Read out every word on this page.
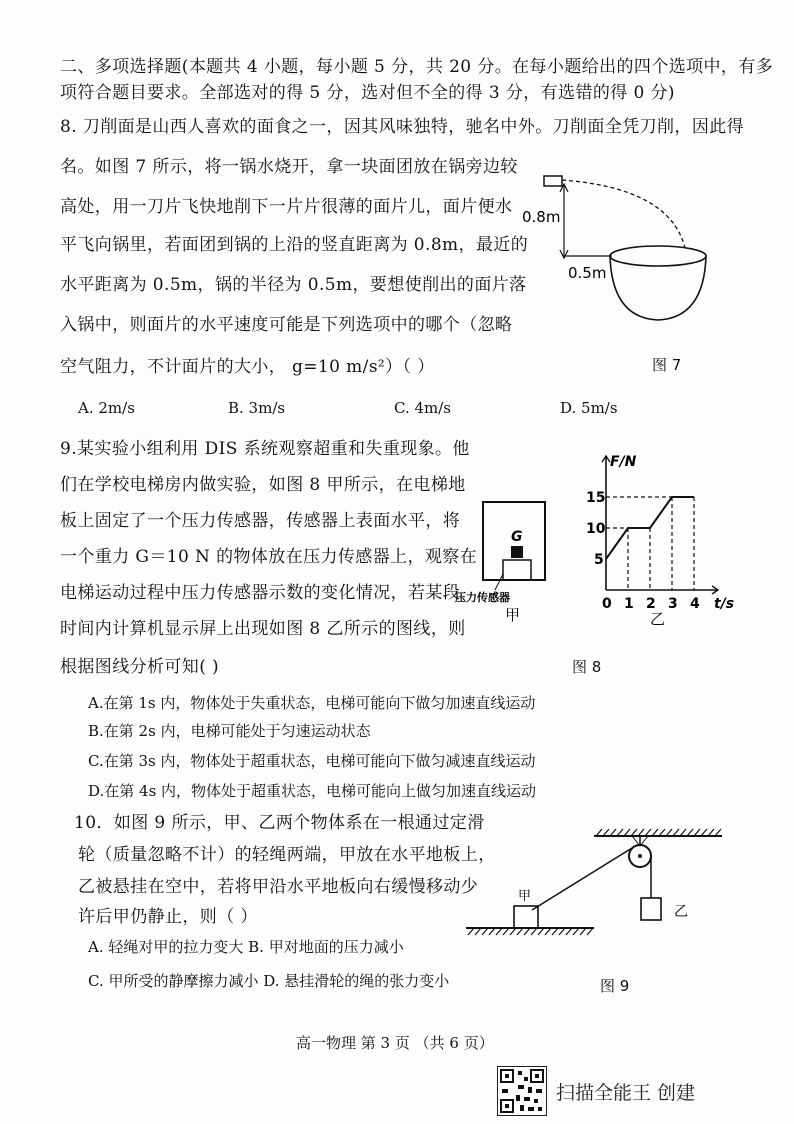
二、多项选择题(本题共 4 小题，每小题 5 分，共 20 分。在每小题给出的四个选项中，有多
项符合题目要求。全部选对的得 5 分，选对但不全的得 3 分，有选错的得 0 分)
8. 刀削面是山西人喜欢的面食之一，因其风味独特，驰名中外。刀削面全凭刀削，因此得
名。如图 7 所示，将一锅水烧开，拿一块面团放在锅旁边较
高处，用一刀片飞快地削下一片片很薄的面片儿，面片便水
平飞向锅里，若面团到锅的上沿的竖直距离为 0.8m，最近的
水平距离为 0.5m，锅的半径为 0.5m，要想使削出的面片落
入锅中，则面片的水平速度可能是下列选项中的哪个（忽略
空气阻力，不计面片的大小， g=10 m/s²）（ ）
0.8m
0.5m
图 7
A. 2m/s	B. 3m/s	C. 4m/s	D. 5m/s
9.某实验小组利用 DIS 系统观察超重和失重现象。他
们在学校电梯房内做实验，如图 8 甲所示，在电梯地
板上固定了一个压力传感器，传感器上表面水平，将
一个重力 G＝10 N 的物体放在压力传感器上，观察在
电梯运动过程中压力传感器示数的变化情况，若某段
时间内计算机显示屏上出现如图 8 乙所示的图线，则
根据图线分析可知( )
G
压力传感器
甲
F/N
t/s
0 1 2 3 4
5
10
15
乙
图 8
A.在第 1s 内，物体处于失重状态，电梯可能向下做匀加速直线运动
B.在第 2s 内，电梯可能处于匀速运动状态
C.在第 3s 内，物体处于超重状态，电梯可能向下做匀减速直线运动
D.在第 4s 内，物体处于超重状态，电梯可能向上做匀加速直线运动
10．如图 9 所示，甲、乙两个物体系在一根通过定滑
轮（质量忽略不计）的轻绳两端，甲放在水平地板上，
乙被悬挂在空中，若将甲沿水平地板向右缓慢移动少
许后甲仍静止，则（ ）
A. 轻绳对甲的拉力变大 B. 甲对地面的压力减小
C. 甲所受的静摩擦力减小 D. 悬挂滑轮的绳的张力变小
甲
乙
图 9
高一物理 第 3 页 （共 6 页）
扫描全能王 创建
